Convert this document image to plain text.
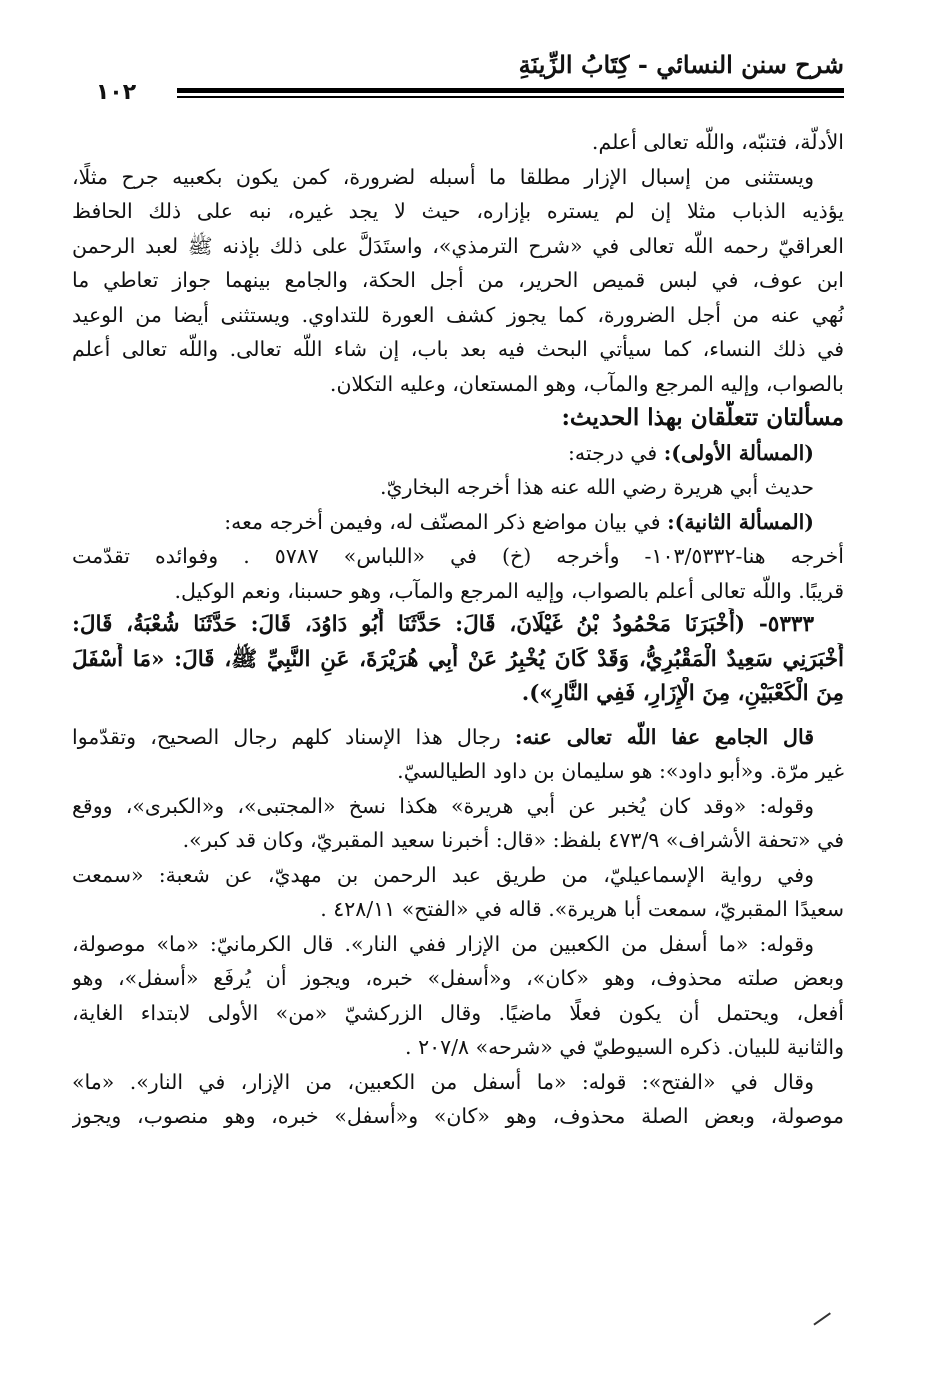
شرح سنن النسائي - كِتَابُ الزِّينَةِ
١٠٢

الأدلّة، فتنبّه، واللّه تعالى أعلم.

ويستثنى من إسبال الإزار مطلقا ما أسبله لضرورة، كمن يكون بكعبيه جرح مثلًا،

يؤذيه الذباب مثلا إن لم يستره بإزاره، حيث لا يجد غيره، نبه على ذلك الحافظ

العراقيّ رحمه اللّه تعالى في «شرح الترمذي»، واستَدَلَّ على ذلك بإذنه ﷺ لعبد الرحمن

ابن عوف، في لبس قميص الحرير، من أجل الحكة، والجامع بينهما جواز تعاطي ما

نُهي عنه من أجل الضرورة، كما يجوز كشف العورة للتداوي. ويستثنى أيضا من الوعيد

في ذلك النساء، كما سيأتي البحث فيه بعد باب، إن شاء اللّه تعالى. واللّه تعالى أعلم

بالصواب، وإليه المرجع والمآب، وهو المستعان، وعليه التكلان.

مسألتان تتعلّقان بهذا الحديث:

(المسألة الأولى): في درجته:

حديث أبي هريرة رضي الله عنه هذا أخرجه البخاريّ.

(المسألة الثانية): في بيان مواضع ذكر المصنّف له، وفيمن أخرجه معه:

أخرجه هنا-١٠٣/٥٣٣٢- وأخرجه (خ) في «اللباس» ٥٧٨٧ . وفوائده تقدّمت

قريبًا. واللّه تعالى أعلم بالصواب، وإليه المرجع والمآب، وهو حسبنا، ونعم الوكيل.

٥٣٣٣- (أَخْبَرَنَا مَحْمُودُ بْنُ غَيْلَانَ، قَالَ: حَدَّثَنَا أَبُو دَاوُدَ، قَالَ: حَدَّثَنَا شُعْبَةُ، قَالَ:

أَخْبَرَنِي سَعِيدٌ الْمَقْبُرِيُّ، وَقَدْ كَانَ يُخْبِرُ عَنْ أَبِي هُرَيْرَةَ، عَنِ النَّبِيِّ ﷺ، قَالَ: «مَا أَسْفَلَ

مِنَ الْكَعْبَيْنِ، مِنَ الْإِزَارِ، فَفِي النَّارِ»).

قال الجامع عفا اللّه تعالى عنه: رجال هذا الإسناد كلهم رجال الصحيح، وتقدّموا

غير مرّة. و«أبو داود»: هو سليمان بن داود الطيالسيّ.

وقوله: «وقد كان يُخبر عن أبي هريرة» هكذا نسخ «المجتبى»، و«الكبرى»، ووقع

في «تحفة الأشراف» ٤٧٣/٩ بلفظ: «قال: أخبرنا سعيد المقبريّ، وكان قد كبر».

وفي رواية الإسماعيليّ، من طريق عبد الرحمن بن مهديّ، عن شعبة: «سمعت

سعيدًا المقبريّ، سمعت أبا هريرة». قاله في «الفتح» ٤٢٨/١١ .

وقوله: «ما أسفل من الكعبين من الإزار ففي النار». قال الكرمانيّ: «ما» موصولة،

وبعض صلته محذوف، وهو «كان»، و«أسفل» خبره، ويجوز أن يُرفَع «أسفل»، وهو

أفعل، ويحتمل أن يكون فعلًا ماضيًا. وقال الزركشيّ «من» الأولى لابتداء الغاية،

والثانية للبيان. ذكره السيوطيّ في «شرحه» ٢٠٧/٨ .

وقال في «الفتح»: قوله: «ما أسفل من الكعبين، من الإزار، في النار». «ما»

موصولة، وبعض الصلة محذوف، وهو «كان» و«أسفل» خبره، وهو منصوب، ويجوز
